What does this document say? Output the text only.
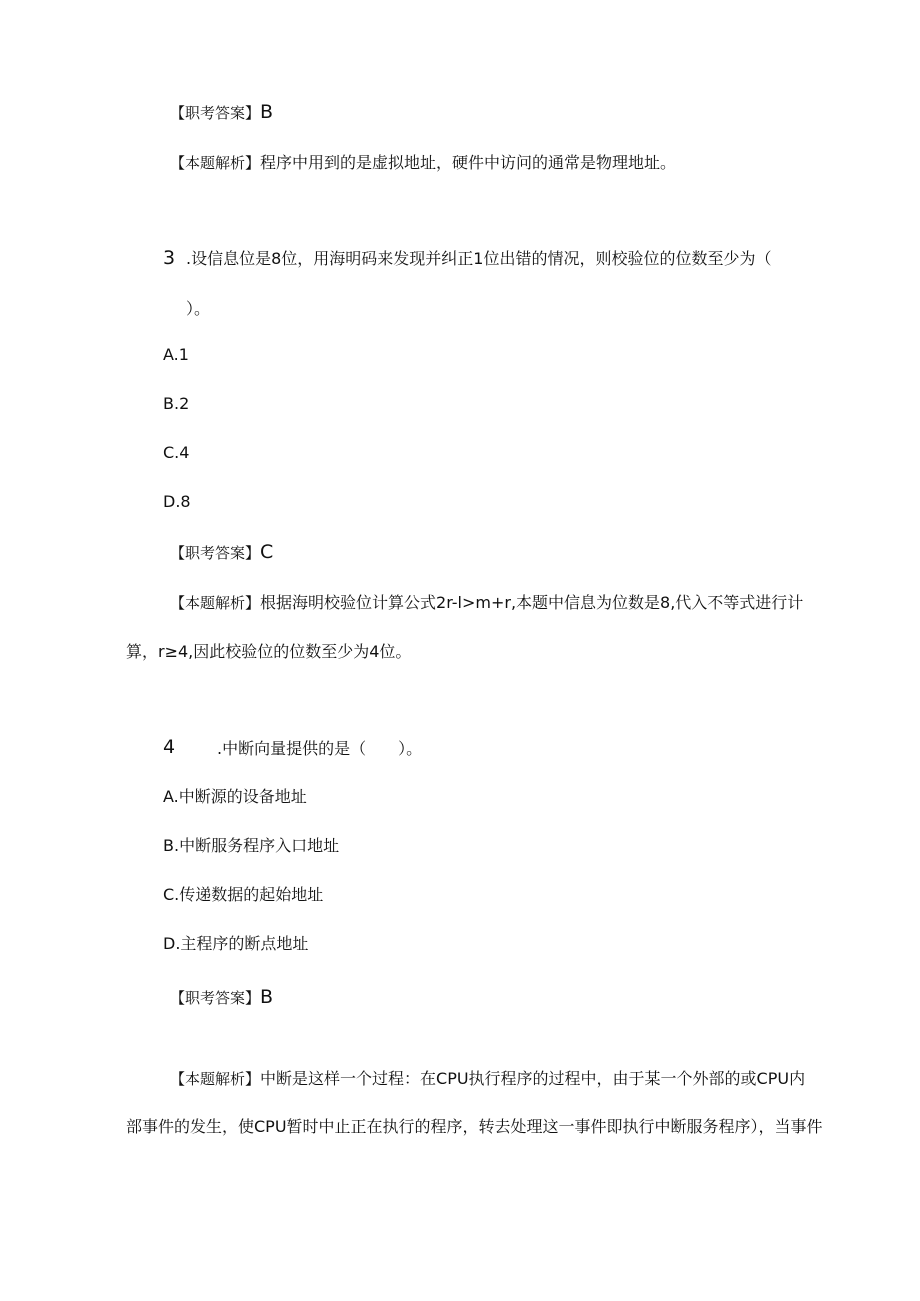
【职考答案】B
【本题解析】程序中用到的是虚拟地址，硬件中访问的通常是物理地址。
3 .设信息位是8位，用海明码来发现并纠正1位出错的情况，则校验位的位数至少为（
）。
A.1
B.2
C.4
D.8
【职考答案】C
【本题解析】根据海明校验位计算公式2r-l>m+r,本题中信息为位数是8,代入不等式进行计
算，r≥4,因此校验位的位数至少为4位。
4	.中断向量提供的是（　　）。
A.中断源的设备地址
B.中断服务程序入口地址
C.传递数据的起始地址
D.主程序的断点地址
【职考答案】B
【本题解析】中断是这样一个过程：在CPU执行程序的过程中，由于某一个外部的或CPU内
部事件的发生，使CPU暂时中止正在执行的程序，转去处理这一事件即执行中断服务程序），当事件
